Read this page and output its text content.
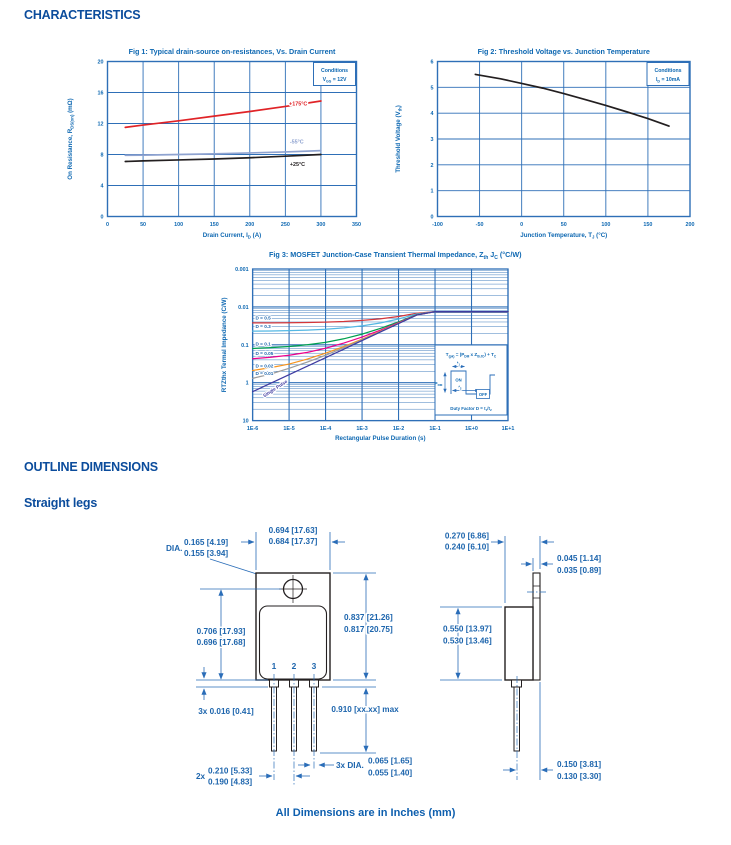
CHARACTERISTICS
0	50	100	150	200	250	300	350
0
4
8
12
16
20
+175°C
-55°C
+25°C
Fig 1: Typical drain-source on-resistances, Vs. Drain Current
Drain Current, $I_D$ (A)
On Resistance, $R_{DS(on)}$ (mΩ)
Conditions
$V_{GS} = 12V$
-100	-50	0	50	100	150	200
0
1
2
3
4
5
6
Fig 2: Threshold Voltage vs. Junction Temperature
Junction Temperature, $T_J$ (°C)
Threshold Voltage $(V_{th})$
Conditions
$I_D = 10mA$
10
1
0.1
0.01
0.001
1E-6	1E-5	1E-4	1E-3	1E-2	1E-1	1E+0	1E+1
D = 0.5
D = 0.3
D = 0.1
D = 0.05
D = 0.02
D = 0.01
Single Pulse
Fig 3: MOSFET Junction-Case Transient Thermal Impedance, $Z_{th}$ $J_C$ (°C/W)
Rectangular Pulse Duration (s)
RTZthx Termal Impedance (C/W)	$T_{(pk)} = (P_{DM}$ x $Z_{thJC}) + T_C$
$P_{DM}$
$t_1$
ON
$t_2$
OFF
Duty Factor $D = t_1/t_2$
OUTLINE DIMENSIONS
Straight legs
0.694 [17.63]
0.684 [17.37]
DIA.
0.165 [4.19]
0.155 [3.94]
0.706 [17.93]
0.696 [17.68]
3x 0.016 [0.41]
0.837 [21.26]
0.817 [20.75]
0.910 [xx.xx] max
1 2 3
3x DIA. 0.065 [1.65]
0.055 [1.40]
2x
0.210 [5.33]
0.190 [4.83]
0.270 [6.86]
0.240 [6.10]
0.045 [1.14]
0.035 [0.89]
0.550 [13.97]
0.530 [13.46]
0.150 [3.81]
0.130 [3.30]
All Dimensions are in Inches (mm)
